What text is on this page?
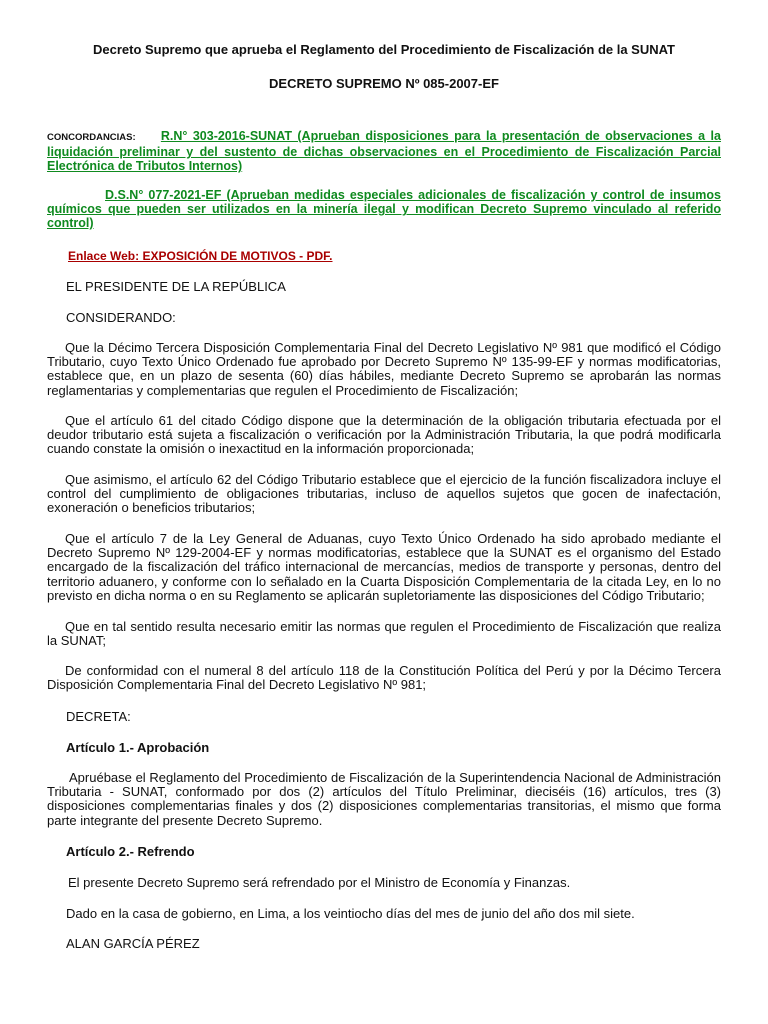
Decreto Supremo que aprueba el Reglamento del Procedimiento de Fiscalización de la SUNAT
DECRETO SUPREMO Nº 085-2007-EF
CONCORDANCIAS: R.N° 303-2016-SUNAT (Aprueban disposiciones para la presentación de observaciones a la liquidación preliminar y del sustento de dichas observaciones en el Procedimiento de Fiscalización Parcial Electrónica de Tributos Internos)
D.S.N° 077-2021-EF (Aprueban medidas especiales adicionales de fiscalización y control de insumos químicos que pueden ser utilizados en la minería ilegal y modifican Decreto Supremo vinculado al referido control)
Enlace Web: EXPOSICIÓN DE MOTIVOS - PDF.
EL PRESIDENTE DE LA REPÚBLICA
CONSIDERANDO:
Que la Décimo Tercera Disposición Complementaria Final del Decreto Legislativo Nº 981 que modificó el Código Tributario, cuyo Texto Único Ordenado fue aprobado por Decreto Supremo Nº 135-99-EF y normas modificatorias, establece que, en un plazo de sesenta (60) días hábiles, mediante Decreto Supremo se aprobarán las normas reglamentarias y complementarias que regulen el Procedimiento de Fiscalización;
Que el artículo 61 del citado Código dispone que la determinación de la obligación tributaria efectuada por el deudor tributario está sujeta a fiscalización o verificación por la Administración Tributaria, la que podrá modificarla cuando constate la omisión o inexactitud en la información proporcionada;
Que asimismo, el artículo 62 del Código Tributario establece que el ejercicio de la función fiscalizadora incluye el control del cumplimiento de obligaciones tributarias, incluso de aquellos sujetos que gocen de inafectación, exoneración o beneficios tributarios;
Que el artículo 7 de la Ley General de Aduanas, cuyo Texto Único Ordenado ha sido aprobado mediante el Decreto Supremo Nº 129-2004-EF y normas modificatorias, establece que la SUNAT es el organismo del Estado encargado de la fiscalización del tráfico internacional de mercancías, medios de transporte y personas, dentro del territorio aduanero, y conforme con lo señalado en la Cuarta Disposición Complementaria de la citada Ley, en lo no previsto en dicha norma o en su Reglamento se aplicarán supletoriamente las disposiciones del Código Tributario;
Que en tal sentido resulta necesario emitir las normas que regulen el Procedimiento de Fiscalización que realiza la SUNAT;
De conformidad con el numeral 8 del artículo 118 de la Constitución Política del Perú y por la Décimo Tercera Disposición Complementaria Final del Decreto Legislativo Nº 981;
DECRETA:
Artículo 1.- Aprobación
Apruébase el Reglamento del Procedimiento de Fiscalización de la Superintendencia Nacional de Administración Tributaria - SUNAT, conformado por dos (2) artículos del Título Preliminar, dieciséis (16) artículos, tres (3) disposiciones complementarias finales y dos (2) disposiciones complementarias transitorias, el mismo que forma parte integrante del presente Decreto Supremo.
Artículo 2.- Refrendo
El presente Decreto Supremo será refrendado por el Ministro de Economía y Finanzas.
Dado en la casa de gobierno, en Lima, a los veintiocho días del mes de junio del año dos mil siete.
ALAN GARCÍA PÉREZ
